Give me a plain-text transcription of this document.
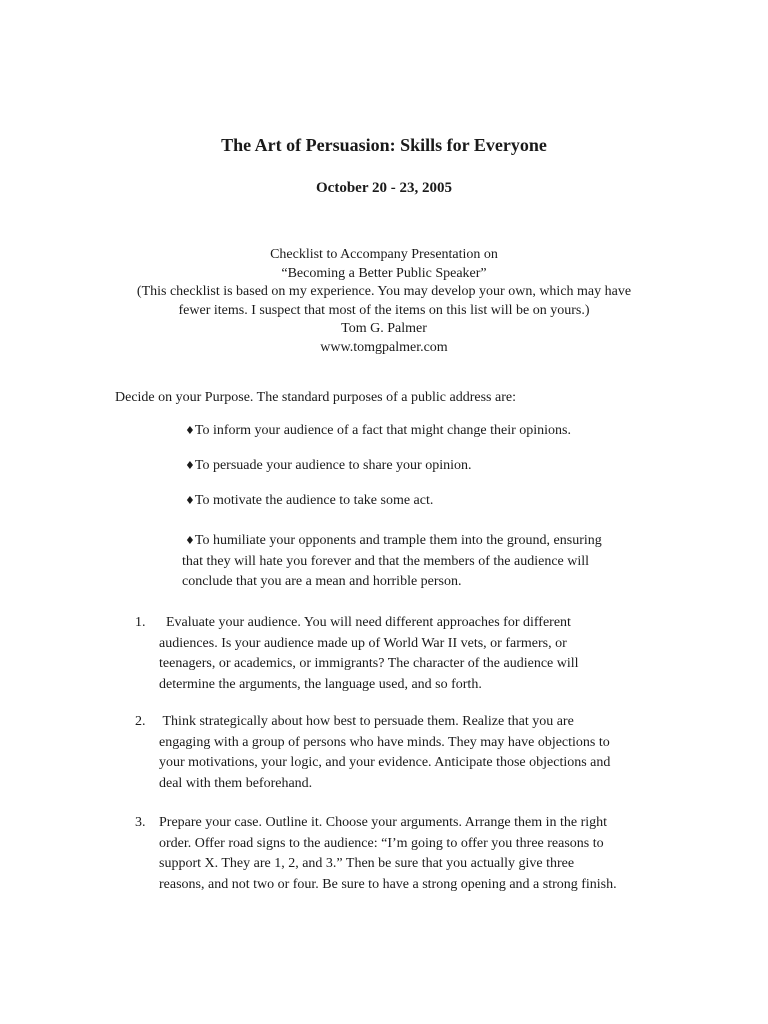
The Art of Persuasion: Skills for Everyone
October 20 - 23, 2005
Checklist to Accompany Presentation on
“Becoming a Better Public Speaker”
(This checklist is based on my experience. You may develop your own, which may have
fewer items. I suspect that most of the items on this list will be on yours.)
Tom G. Palmer
www.tomgpalmer.com
Decide on your Purpose. The standard purposes of a public address are:
♦To inform your audience of a fact that might change their opinions.
♦To persuade your audience to share your opinion.
♦To motivate the audience to take some act.
♦To humiliate your opponents and trample them into the ground, ensuring
that they will hate you forever and that the members of the audience will
conclude that you are a mean and horrible person.
1. Evaluate your audience. You will need different approaches for different
audiences. Is your audience made up of World War II vets, or farmers, or
teenagers, or academics, or immigrants? The character of the audience will
determine the arguments, the language used, and so forth.
2. Think strategically about how best to persuade them. Realize that you are
engaging with a group of persons who have minds. They may have objections to
your motivations, your logic, and your evidence. Anticipate those objections and
deal with them beforehand.
3. Prepare your case. Outline it. Choose your arguments. Arrange them in the right
order. Offer road signs to the audience: “I’m going to offer you three reasons to
support X. They are 1, 2, and 3.” Then be sure that you actually give three
reasons, and not two or four. Be sure to have a strong opening and a strong finish.
